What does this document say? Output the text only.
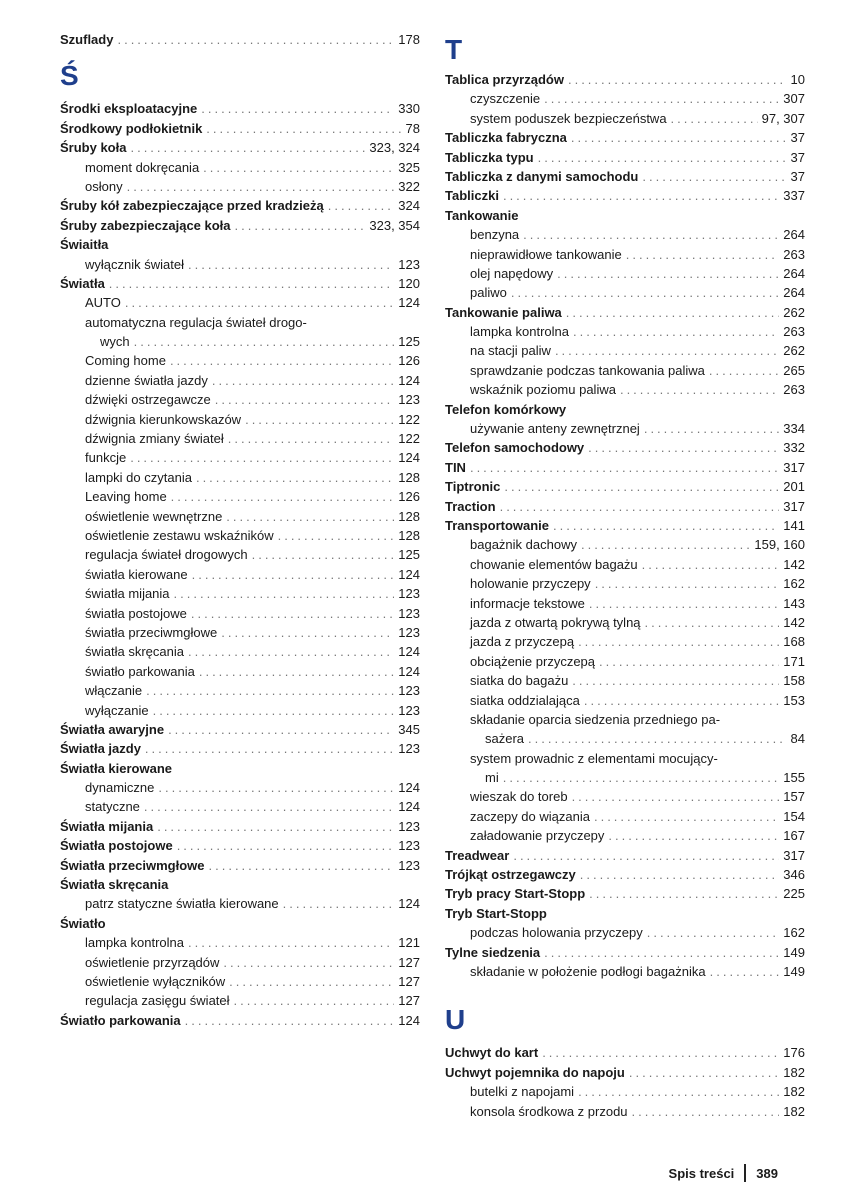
Szuflady .....	178
Ś
Środki eksploatacyjne .....	330
Środkowy podłokietnik .....	78
Śruby koła .....	323, 324
moment dokręcania .....	325
osłony .....	322
Śruby kół zabezpieczające przed kradzieżą .....	324
Śruby zabezpieczające koła .....	323, 354
Świaitła
wyłącznik świateł .....	123
Światła .....	120
AUTO .....	124
automatyczna regulacja świateł drogo-
wych .....	125
Coming home .....	126
dzienne światła jazdy .....	124
dźwięki ostrzegawcze .....	123
dźwignia kierunkowskazów .....	122
dźwignia zmiany świateł .....	122
funkcje .....	124
lampki do czytania .....	128
Leaving home .....	126
oświetlenie wewnętrzne .....	128
oświetlenie zestawu wskaźników .....	128
regulacja świateł drogowych .....	125
światła kierowane .....	124
światła mijania .....	123
światła postojowe .....	123
światła przeciwmgłowe .....	123
światła skręcania .....	124
światło parkowania .....	124
włączanie .....	123
wyłączanie .....	123
Światła awaryjne .....	345
Światła jazdy .....	123
Światła kierowane
dynamiczne .....	124
statyczne .....	124
Światła mijania .....	123
Światła postojowe .....	123
Światła przeciwmgłowe .....	123
Światła skręcania
patrz statyczne światła kierowane .....	124
Światło
lampka kontrolna .....	121
oświetlenie przyrządów .....	127
oświetlenie wyłączników .....	127
regulacja zasięgu świateł .....	127
Światło parkowania .....	124
T
Tablica przyrządów .....	10
czyszczenie .....	307
system poduszek bezpieczeństwa .....	97, 307
Tabliczka fabryczna .....	37
Tabliczka typu .....	37
Tabliczka z danymi samochodu .....	37
Tabliczki .....	337
Tankowanie
benzyna .....	264
nieprawidłowe tankowanie .....	263
olej napędowy .....	264
paliwo .....	264
Tankowanie paliwa .....	262
lampka kontrolna .....	263
na stacji paliw .....	262
sprawdzanie podczas tankowania paliwa .....	265
wskaźnik poziomu paliwa .....	263
Telefon komórkowy
używanie anteny zewnętrznej .....	334
Telefon samochodowy .....	332
TIN .....	317
Tiptronic .....	201
Traction .....	317
Transportowanie .....	141
bagażnik dachowy .....	159, 160
chowanie elementów bagażu .....	142
holowanie przyczepy .....	162
informacje tekstowe .....	143
jazda z otwartą pokrywą tylną .....	142
jazda z przyczepą .....	168
obciążenie przyczepą .....	171
siatka do bagażu .....	158
siatka oddzialająca .....	153
składanie oparcia siedzenia przedniego pa-
sażera .....	84
system prowadnic z elementami mocujący-
mi .....	155
wieszak do toreb .....	157
zaczepy do wiązania .....	154
załadowanie przyczepy .....	167
Treadwear .....	317
Trójkąt ostrzegawczy .....	346
Tryb pracy Start-Stopp .....	225
Tryb Start-Stopp
podczas holowania przyczepy .....	162
Tylne siedzenia .....	149
składanie w położenie podłogi bagażnika .....	149
U
Uchwyt do kart .....	176
Uchwyt pojemnika do napoju .....	182
butelki z napojami .....	182
konsola środkowa z przodu .....	182
Spis treści 389
